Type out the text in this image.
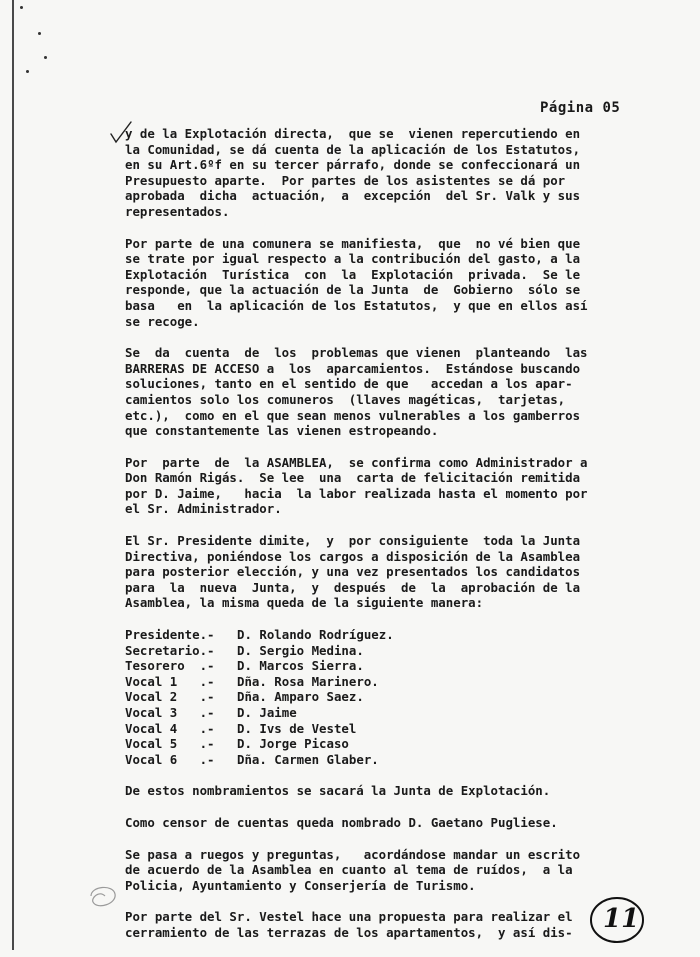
Página 05
y de la Explotación directa,  que se  vienen repercutiendo en
la Comunidad, se dá cuenta de la aplicación de los Estatutos,
en su Art.6ºf en su tercer párrafo, donde se confeccionará un
Presupuesto aparte.  Por partes de los asistentes se dá por
aprobada  dicha  actuación,  a  excepción  del Sr. Valk y sus
representados.
Por parte de una comunera se manifiesta,  que  no vé bien que
se trate por igual respecto a la contribución del gasto, a la
Explotación  Turística  con  la  Explotación  privada.  Se le
responde, que la actuación de la Junta  de  Gobierno  sólo se
basa   en  la aplicación de los Estatutos,  y que en ellos así
se recoge.
Se  da  cuenta  de  los  problemas que vienen  planteando  las
BARRERAS DE ACCESO a  los  aparcamientos.  Estándose buscando
soluciones, tanto en el sentido de que   accedan a los apar-
camientos solo los comuneros  (llaves magéticas,  tarjetas,
etc.),  como en el que sean menos vulnerables a los gamberros
que constantemente las vienen estropeando.
Por  parte  de  la ASAMBLEA,  se confirma como Administrador a
Don Ramón Rigás.  Se lee  una  carta de felicitación remitida
por D. Jaime,   hacia  la labor realizada hasta el momento por
el Sr. Administrador.
El Sr. Presidente dimite,  y  por consiguiente  toda la Junta
Directiva, poniéndose los cargos a disposición de la Asamblea
para posterior elección, y una vez presentados los candidatos
para  la  nueva  Junta,  y  después  de  la  aprobación de la
Asamblea, la misma queda de la siguiente manera:
Presidente.-	D. Rolando Rodríguez.
Secretario.-	D. Sergio Medina.
Tesorero  .-	D. Marcos Sierra.
Vocal 1   .-	Dña. Rosa Marinero.
Vocal 2   .-	Dña. Amparo Saez.
Vocal 3   .-	D. Jaime
Vocal 4   .-	D. Ivs de Vestel
Vocal 5   .-	D. Jorge Picaso
Vocal 6   .-	Dña. Carmen Glaber.
De estos nombramientos se sacará la Junta de Explotación.
Como censor de cuentas queda nombrado D. Gaetano Pugliese.
Se pasa a ruegos y preguntas,   acordándose mandar un escrito
de acuerdo de la Asamblea en cuanto al tema de ruídos,  a la
Policia, Ayuntamiento y Conserjería de Turismo.
Por parte del Sr. Vestel hace una propuesta para realizar el
cerramiento de las terrazas de los apartamentos,  y así dis-	11
